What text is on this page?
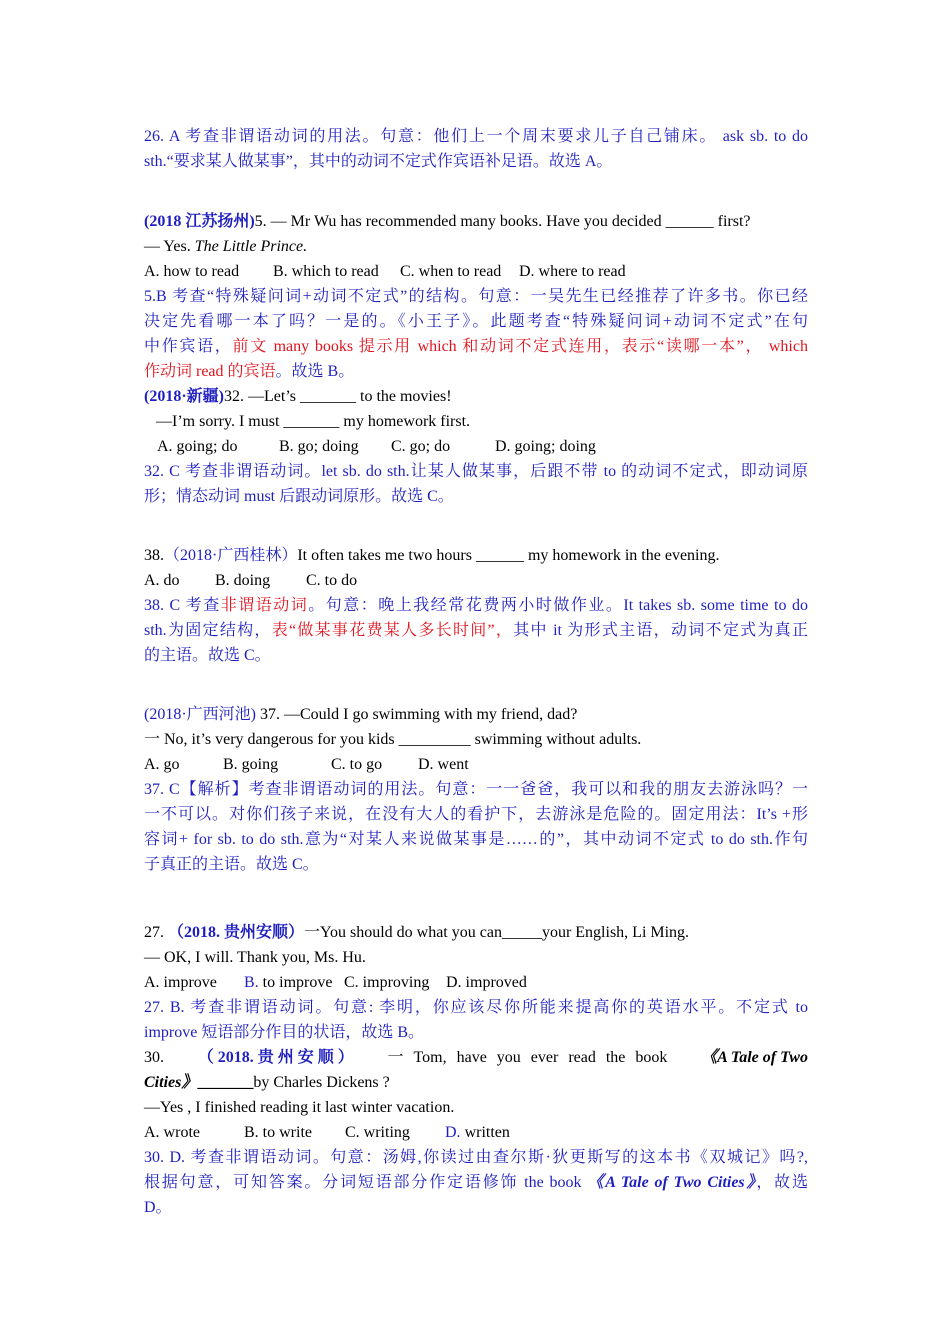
26. A 考查非谓语动词的用法。句意：他们上一个周末要求儿子自己铺床。 ask sb. to do
sth.“要求某人做某事”，其中的动词不定式作宾语补足语。故选 A。
(2018 江苏扬州)5. — Mr Wu has recommended many books. Have you decided ______ first?
— Yes. The Little Prince.
A. how to read B. which to read C. when to read D. where to read
5.B 考查“特殊疑问词+动词不定式”的结构。句意：一吴先生已经推荐了许多书。你已经
决定先看哪一本了吗？一是的。《小王子》。此题考查“特殊疑问词+动词不定式”在句
中作宾语，前文 many books 提示用 which 和动词不定式连用，表示“读哪一本”， which
作动词 read 的宾语。故选 B。
(2018·新疆)32. —Let’s _______ to the movies!
—I’m sorry. I must _______ my homework first.
A. going; do	B. go; doing C. go; do	D. going; doing
32. C 考查非谓语动词。let sb. do sth.让某人做某事，后跟不带 to 的动词不定式，即动词原
形；情态动词 must 后跟动词原形。故选 C。
38.（2018·广西桂林）It often takes me two hours ______ my homework in the evening.
A. do B. doing C. to do
38. C 考查非谓语动词。句意：晚上我经常花费两小时做作业。It takes sb. some time to do
sth.为固定结构，表“做某事花费某人多长时间”，其中 it 为形式主语，动词不定式为真正
的主语。故选 C。
(2018·广西河池) 37. —Could I go swimming with my friend, dad?
一 No, it’s very dangerous for you kids _________ swimming without adults.
A. go	B. going	C. to go D. went
37. C【解析】考查非谓语动词的用法。句意：一一爸爸，我可以和我的朋友去游泳吗？一
一不可以。对你们孩子来说，在没有大人的看护下，去游泳是危险的。固定用法：It’s +形
容词+ for sb. to do sth.意为“对某人来说做某事是……的”，其中动词不定式 to do sth.作句
子真正的主语。故选 C。
27. （2018. 贵州安顺）一You should do what you can_____your English, Li Ming.
— OK, I will. Thank you, Ms. Hu.
A. improve B. to improve C. improving D. improved
27. B. 考查非谓语动词。句意: 李明，你应该尽你所能来提高你的英语水平。不定式 to
improve 短语部分作目的状语，故选 B。
30. （ 2018. 贵 州 安 顺 ） 一 Tom, have you ever read the book 《A Tale of Two
Cities》_______by Charles Dickens ?
—Yes , I finished reading it last winter vacation.
A. wrote	B. to write C. writing D. written
30. D. 考查非谓语动词。句意：汤姆,你读过由查尔斯·狄更斯写的这本书《双城记》吗?,
根据句意，可知答案。分词短语部分作定语修饰 the book 《A Tale of Two Cities》，故选
D。
